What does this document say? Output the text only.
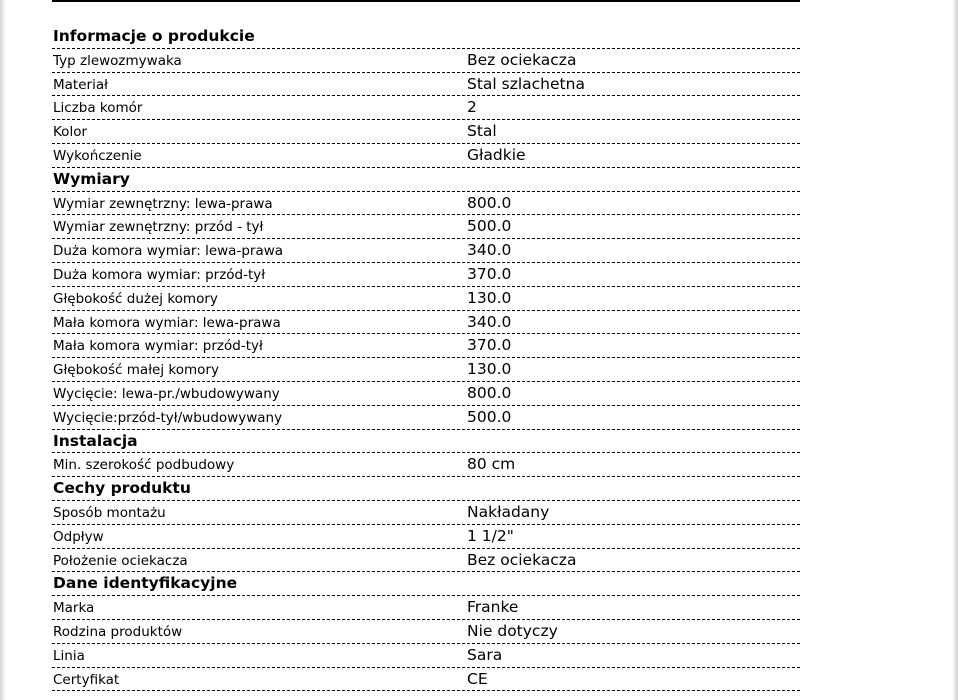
Informacje o produkcie
Typ zlewozmywaka	Bez ociekacza
Materiał	Stal szlachetna
Liczba komór	2
Kolor	Stal
Wykończenie	Gładkie
Wymiary
Wymiar zewnętrzny: lewa-prawa	800.0
Wymiar zewnętrzny: przód - tył	500.0
Duża komora wymiar: lewa-prawa	340.0
Duża komora wymiar: przód-tył	370.0
Głębokość dużej komory	130.0
Mała komora wymiar: lewa-prawa	340.0
Mała komora wymiar: przód-tył	370.0
Głębokość małej komory	130.0
Wycięcie: lewa-pr./wbudowywany	800.0
Wycięcie:przód-tył/wbudowywany	500.0
Instalacja
Min. szerokość podbudowy	80 cm
Cechy produktu
Sposób montażu	Nakładany
Odpływ	1 1/2"
Położenie ociekacza	Bez ociekacza
Dane identyfikacyjne
Marka	Franke
Rodzina produktów	Nie dotyczy
Linia	Sara
Certyfikat	CE
